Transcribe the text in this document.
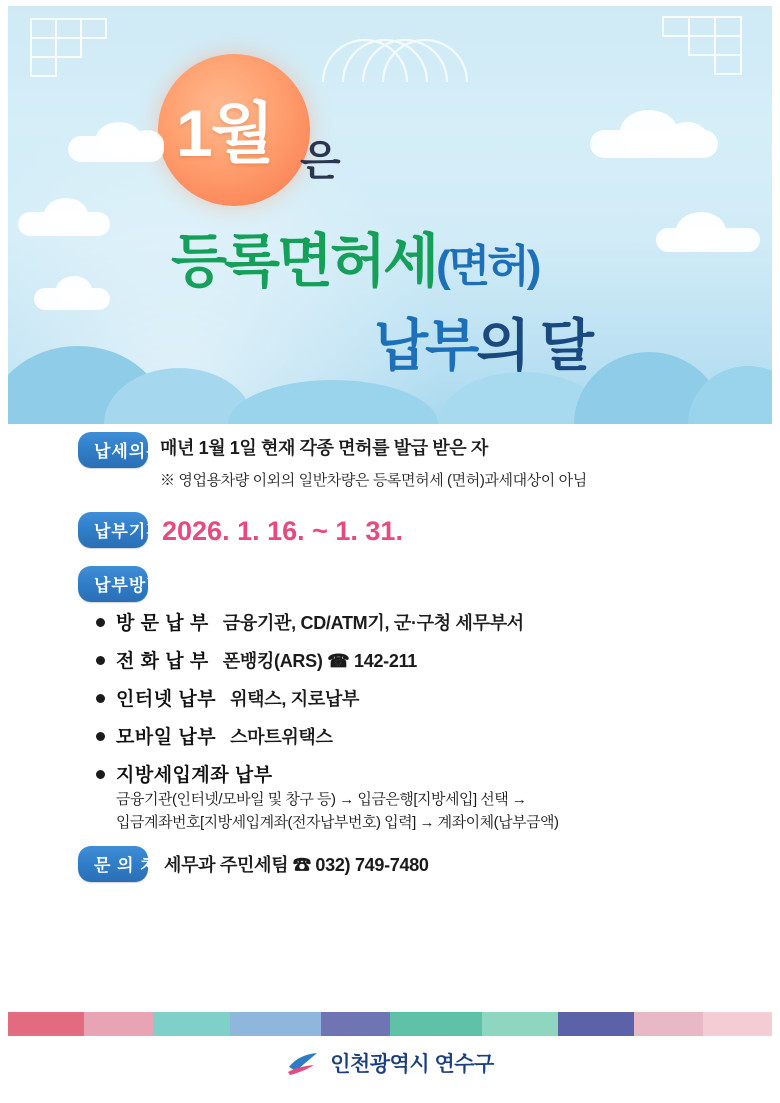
1월 은
등록면허세(면허)
납부의 달
납세의무자
매년 1월 1일 현재 각종 면허를 발급 받은 자
※ 영업용차량 이외의 일반차량은 등록면허세 (면허)과세대상이 아님
납부기간
2026. 1. 16. ~ 1. 31.
납부방법
방 문 납 부 금융기관, CD/ATM기, 군·구청 세무부서
전 화 납 부 폰뱅킹(ARS) ☎ 142-211
인터넷 납부 위택스, 지로납부
모바일 납부 스마트위택스
지방세입계좌 납부
금융기관(인터넷/모바일 및 창구 등) → 입금은행[지방세입] 선택 →
입금계좌번호[지방세입계좌(전자납부번호) 입력] → 계좌이체(납부금액)
문 의 처 세무과 주민세팀 ☎ 032) 749-7480
인천광역시 연수구
